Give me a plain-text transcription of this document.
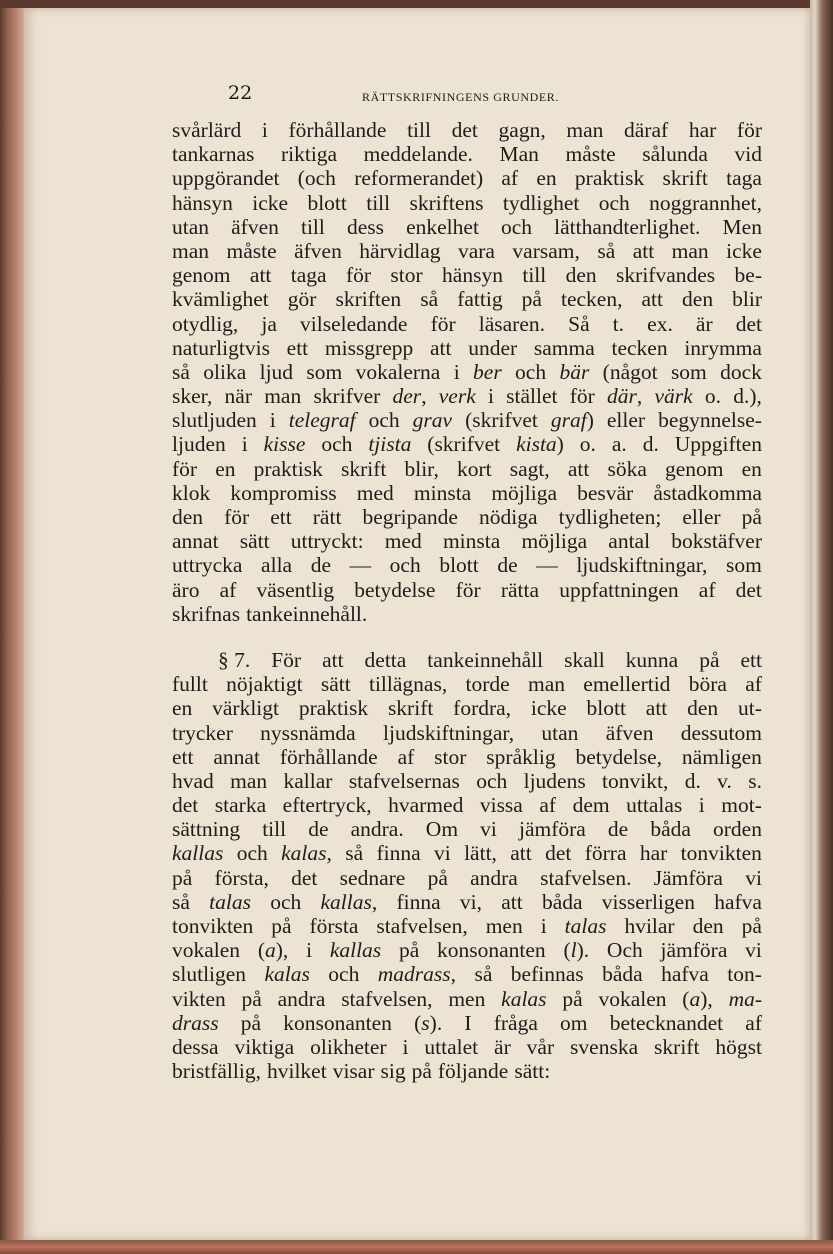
22	RÄTTSKRIFNINGENS GRUNDER.
svårlärd i förhållande till det gagn, man däraf har för
tankarnas riktiga meddelande. Man måste sålunda vid
uppgörandet (och reformerandet) af en praktisk skrift taga
hänsyn icke blott till skriftens tydlighet och noggrannhet,
utan äfven till dess enkelhet och lätthandterlighet. Men
man måste äfven härvidlag vara varsam, så att man icke
genom att taga för stor hänsyn till den skrifvandes be-
kvämlighet gör skriften så fattig på tecken, att den blir
otydlig, ja vilseledande för läsaren. Så t. ex. är det
naturligtvis ett missgrepp att under samma tecken inrymma
så olika ljud som vokalerna i ber och bär (något som dock
sker, när man skrifver der, verk i stället för där, värk o. d.),
slutljuden i telegraf och grav (skrifvet graf) eller begynnelse-
ljuden i kisse och tjista (skrifvet kista) o. a. d. Uppgiften
för en praktisk skrift blir, kort sagt, att söka genom en
klok kompromiss med minsta möjliga besvär åstadkomma
den för ett rätt begripande nödiga tydligheten; eller på
annat sätt uttryckt: med minsta möjliga antal bokstäfver
uttrycka alla de — och blott de — ljudskiftningar, som
äro af väsentlig betydelse för rätta uppfattningen af det
skrifnas tankeinnehåll.
§ 7. För att detta tankeinnehåll skall kunna på ett
fullt nöjaktigt sätt tillägnas, torde man emellertid böra af
en värkligt praktisk skrift fordra, icke blott att den ut-
trycker nyssnämda ljudskiftningar, utan äfven dessutom
ett annat förhållande af stor språklig betydelse, nämligen
hvad man kallar stafvelsernas och ljudens tonvikt, d. v. s.
det starka eftertryck, hvarmed vissa af dem uttalas i mot-
sättning till de andra. Om vi jämföra de båda orden
kallas och kalas, så finna vi lätt, att det förra har tonvikten
på första, det sednare på andra stafvelsen. Jämföra vi
så talas och kallas, finna vi, att båda visserligen hafva
tonvikten på första stafvelsen, men i talas hvilar den på
vokalen (a), i kallas på konsonanten (l). Och jämföra vi
slutligen kalas och madrass, så befinnas båda hafva ton-
vikten på andra stafvelsen, men kalas på vokalen (a), ma-
drass på konsonanten (s). I fråga om betecknandet af
dessa viktiga olikheter i uttalet är vår svenska skrift högst
bristfällig, hvilket visar sig på följande sätt:
